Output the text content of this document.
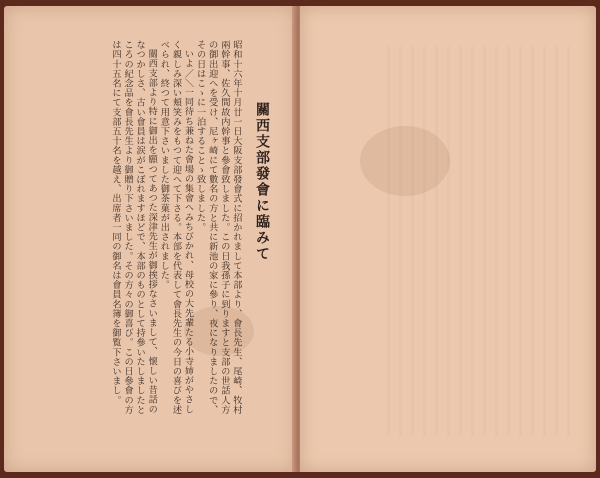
關西支部發會に臨みて

昭和十六年十月廿一日大阪支部發會式に招かれまして本部より、會長先生、尾崎、牧村兩幹事、佐久間故内幹事と參會致しました。この日我孫子に到りますと支部の世話人方の御出迎へを受け、尼ヶ崎にて數名の方と共に新池の家に參り、夜になりましたので、その日はこゝに一泊することゝ致しました。

いよ／＼一同待ち兼ねた會場の集會へみちびかれ、母校の大先輩たる小寺姉がやさしく親しみ深い頬笑みをもつて迎へて下さる。本部を代表して會長先生の今日の喜びを述べられ、終つて用意下さいました御茶菓が出されました。

關西支部より特に御出を願つてあつた深津先生が御挨拶なさいまして、懐しい昔話のなつかしさ、古い會員は涙がこぼれますほどで、本部のものとして持參いたしましたところの紀念品を會長先生より御贈り下さいました。その方々の御喜び。この日參會の方は四十五名にて支部五十名を越え、出席者一同の御名は會員名簿を御覧下さいまし。
